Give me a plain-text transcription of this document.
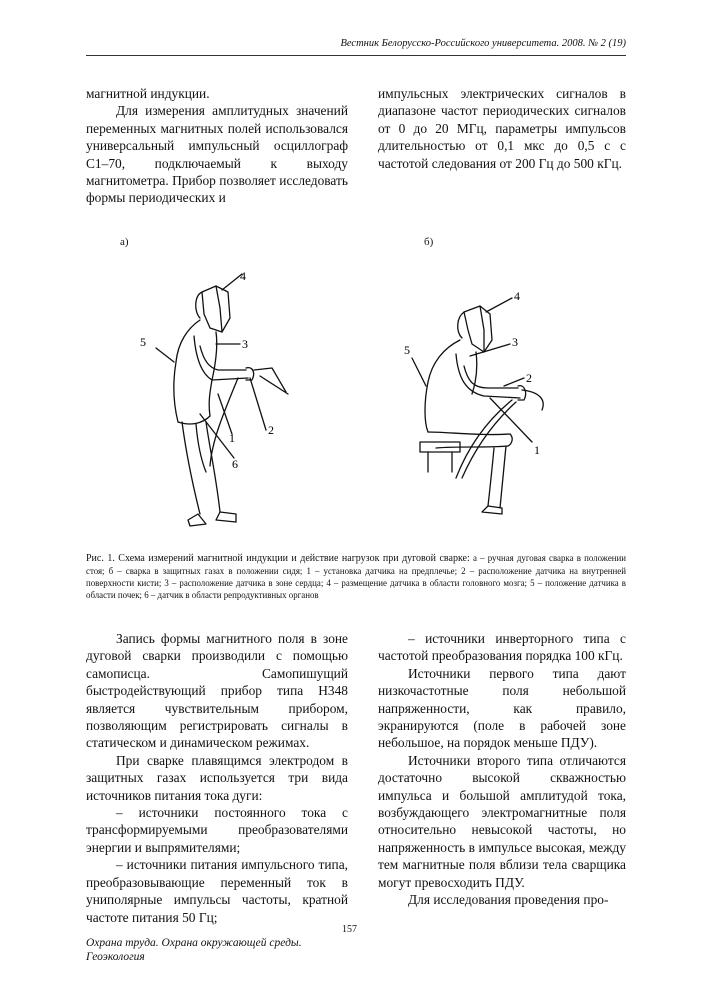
Вестник Белорусско-Российского университета. 2008. № 2 (19)

магнитной индукции.

Для измерения амплитудных значений переменных магнитных полей использовался универсальный импульсный осциллограф С1–70, подключаемый к выходу магнитометра. Прибор позволяет исследовать формы периодических и

импульсных электрических сигналов в диапазоне частот периодических сигналов от 0 до 20 МГц, параметры импульсов длительностью от 0,1 мкс до 0,5 с с частотой следования от 200 Гц до 500 кГц.

а)	б)
4
3
5
1
6
2
4
3
5
2
1
Рис. 1. Схема измерений магнитной индукции и действие нагрузок при дуговой сварке: а – ручная дуговая сварка в положении стоя; б – сварка в защитных газах в положении сидя; 1 – установка датчика на предплечье; 2 – расположение датчика на внутренней поверхности кисти; 3 – расположение датчика в зоне сердца; 4 – размещение датчика в области головного мозга; 5 – положение датчика в области почек; 6 – датчик в области репродуктивных органов

Запись формы магнитного поля в зоне дуговой сварки производили с помощью самописца. Самопишущий быстродействующий прибор типа Н348 является чувствительным прибором, позволяющим регистрировать сигналы в статическом и динамическом режимах.

При сварке плавящимся электродом в защитных газах используется три вида источников питания тока дуги:

– источники постоянного тока с трансформируемыми преобразователями энергии и выпрямителями;

– источники питания импульсного типа, преобразовывающие переменный ток в униполярные импульсы частоты, кратной частоте питания 50 Гц;

– источники инверторного типа с частотой преобразования порядка 100 кГц.

Источники первого типа дают низкочастотные поля небольшой напряженности, как правило, экранируются (поле в рабочей зоне небольшое, на порядок меньше ПДУ).

Источники второго типа отличаются достаточно высокой скважностью импульса и большой амплитудой тока, возбуждающего электромагнитные поля относительно невысокой частоты, но напряженность в импульсе высокая, между тем магнитные поля вблизи тела сварщика могут превосходить ПДУ.

Для исследования проведения про-

157
Охрана труда. Охрана окружающей среды.
Геоэкология
